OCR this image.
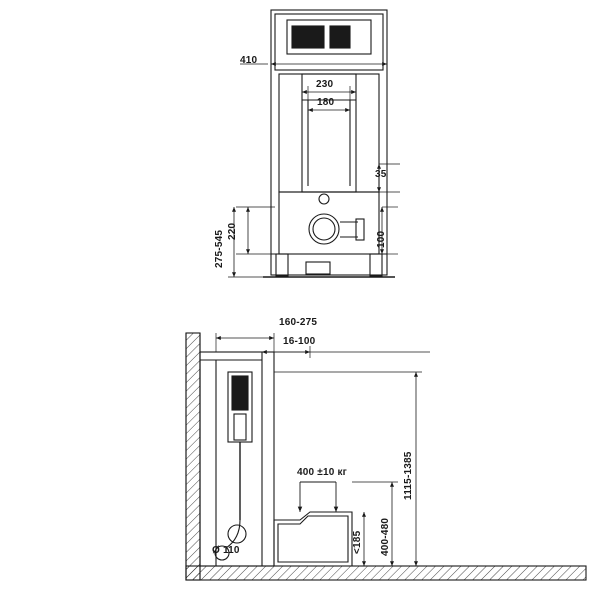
410
230
180
35
220	100
275-545
160-275
16-100
400 ±10 кг	1115-1385
400-480
<185
Ø 110
